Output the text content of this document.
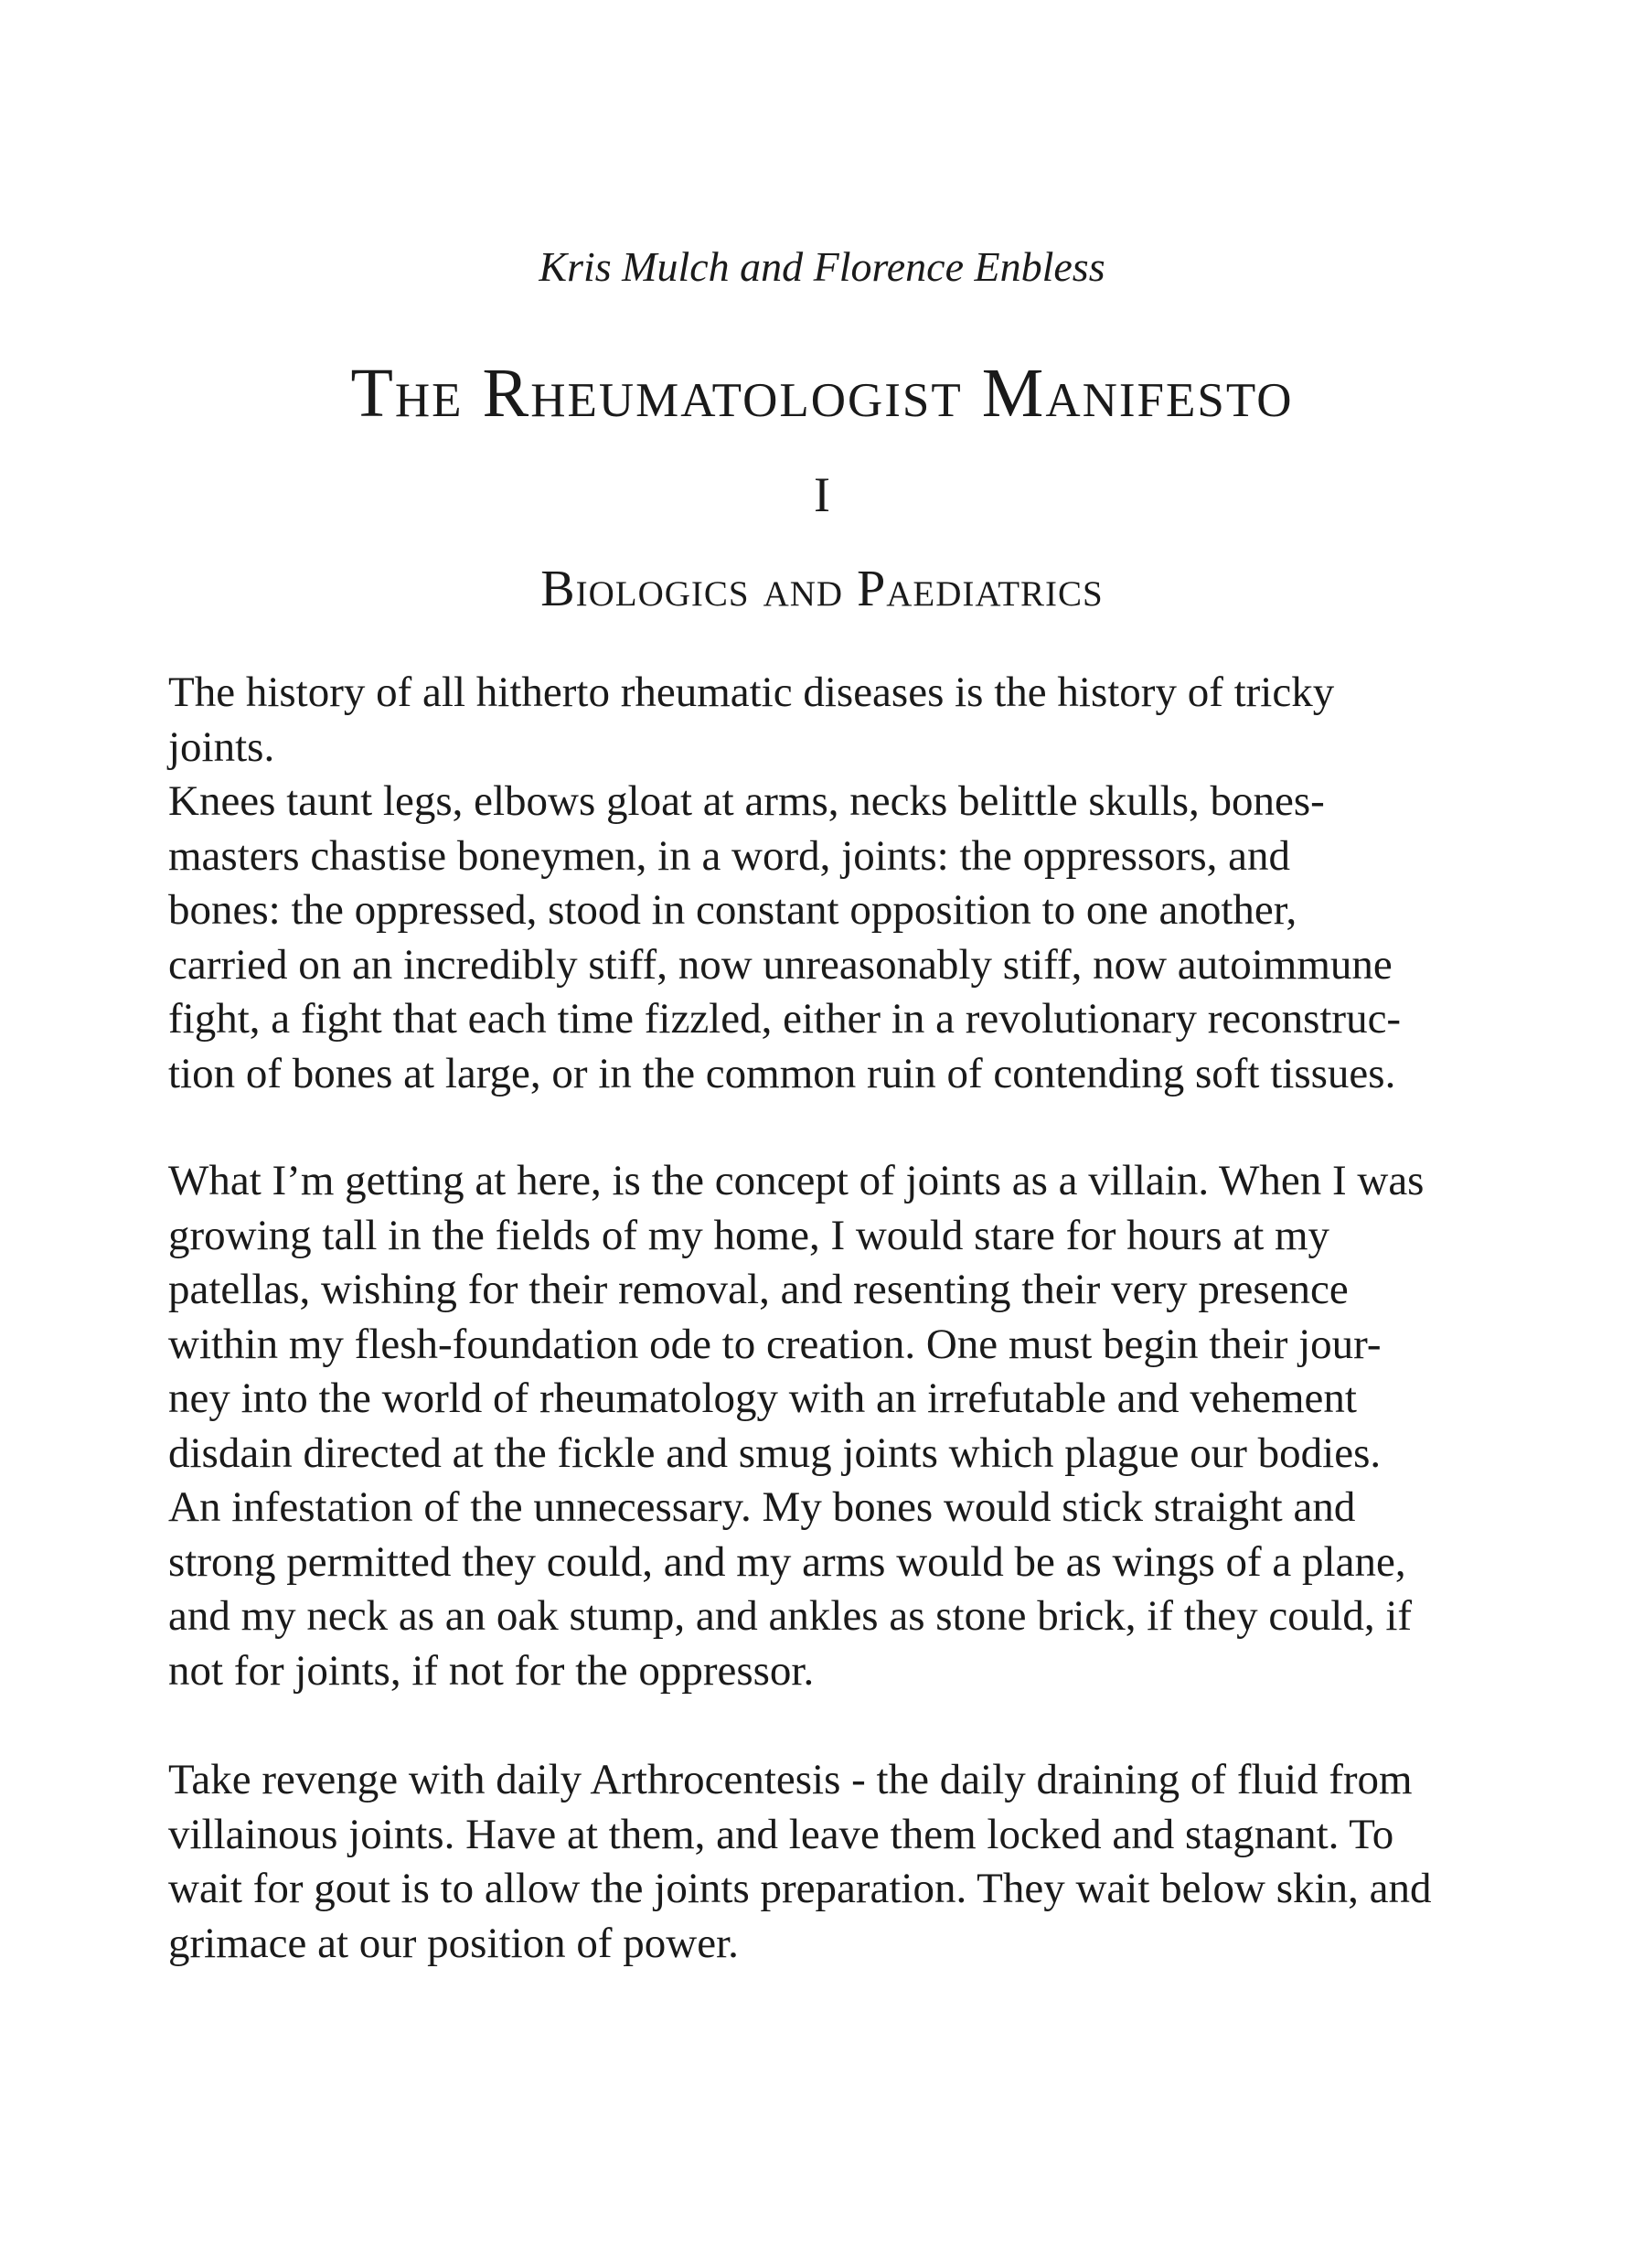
Kris Mulch and Florence Enbless
The Rheumatologist Manifesto
I
Biologics and Paediatrics
The history of all hitherto rheumatic diseases is the history of tricky
joints.
Knees taunt legs, elbows gloat at arms, necks belittle skulls, bones-
masters chastise boneymen, in a word, joints: the oppressors, and
bones: the oppressed, stood in constant opposition to one another,
carried on an incredibly stiff, now unreasonably stiff, now autoimmune
fight, a fight that each time fizzled, either in a revolutionary reconstruc-
tion of bones at large, or in the common ruin of contending soft tissues.
What I’m getting at here, is the concept of joints as a villain. When I was
growing tall in the fields of my home, I would stare for hours at my
patellas, wishing for their removal, and resenting their very presence
within my flesh-foundation ode to creation. One must begin their jour-
ney into the world of rheumatology with an irrefutable and vehement
disdain directed at the fickle and smug joints which plague our bodies.
An infestation of the unnecessary. My bones would stick straight and
strong permitted they could, and my arms would be as wings of a plane,
and my neck as an oak stump, and ankles as stone brick, if they could, if
not for joints, if not for the oppressor.
Take revenge with daily Arthrocentesis - the daily draining of fluid from
villainous joints. Have at them, and leave them locked and stagnant. To
wait for gout is to allow the joints preparation. They wait below skin, and
grimace at our position of power.
